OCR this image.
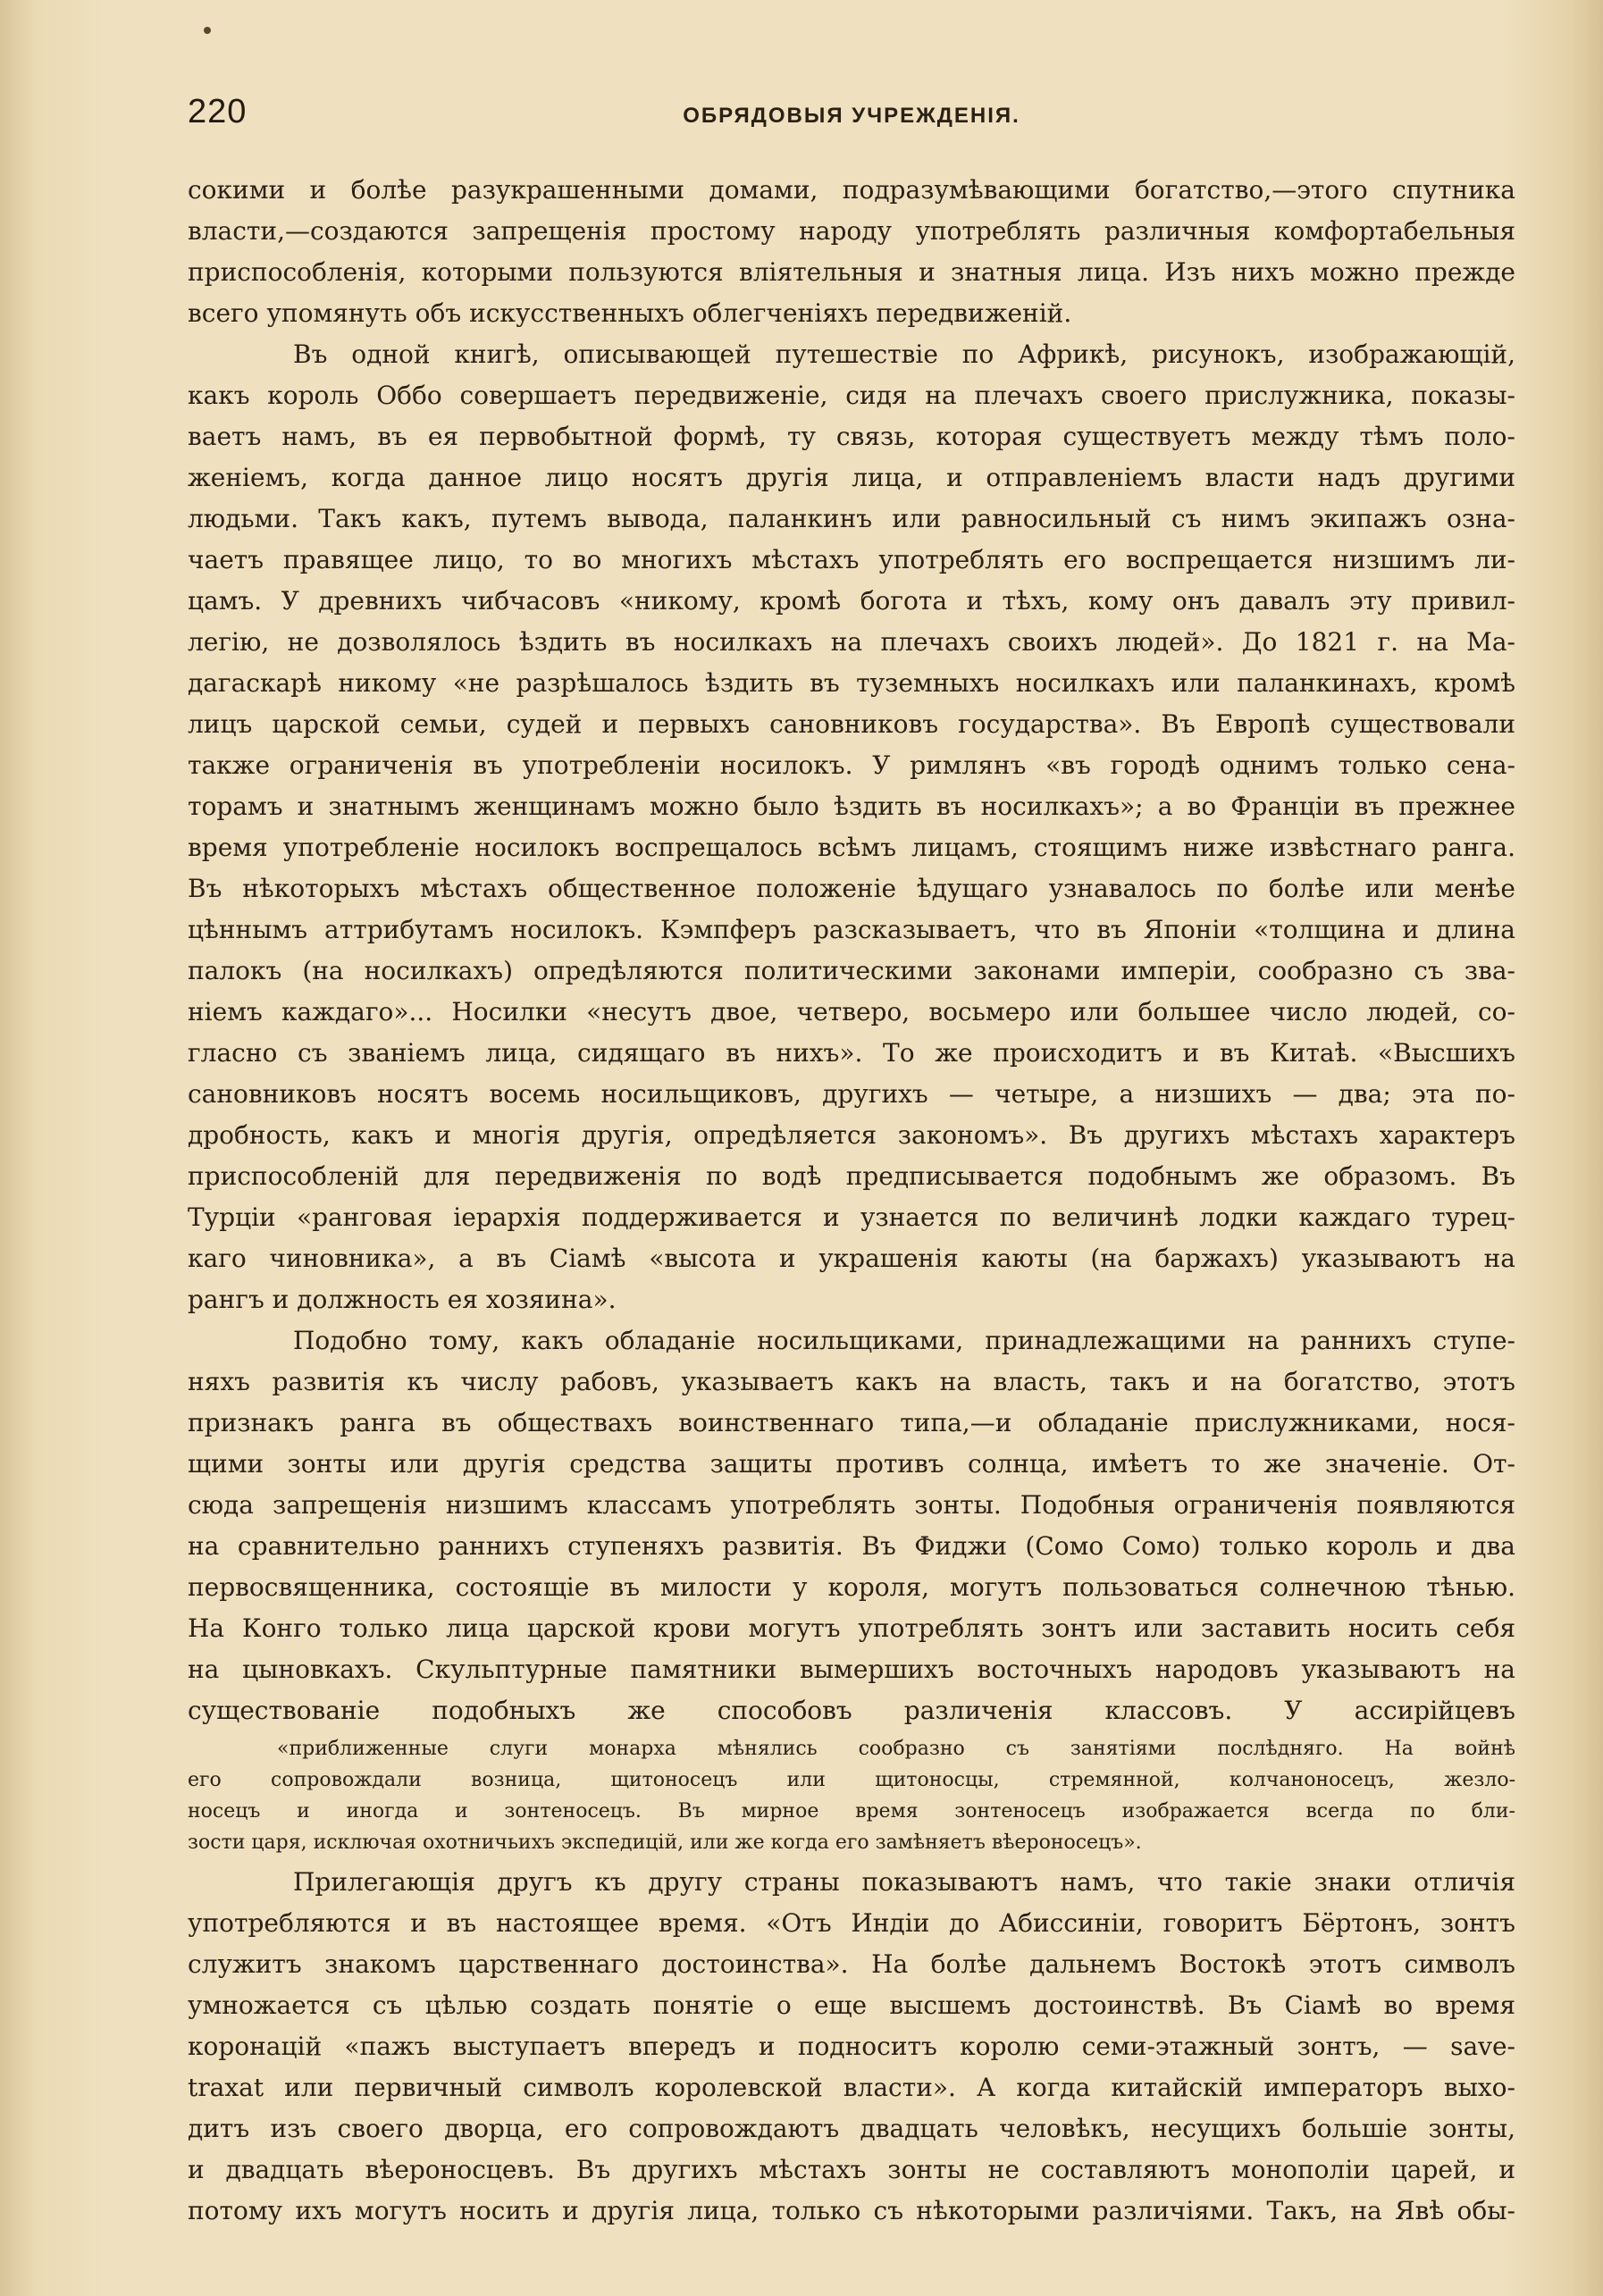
220	ОБРЯДОВЫЯ УЧРЕЖДЕНІЯ.
сокими и болѣе разукрашенными домами, подразумѣвающими богатство,—этого спутника
власти,—создаются запрещенія простому народу употреблять различныя комфортабельныя
приспособленія, которыми пользуются вліятельныя и знатныя лица. Изъ нихъ можно прежде
всего упомянуть объ искусственныхъ облегченіяхъ передвиженій.
Въ одной книгѣ, описывающей путешествіе по Африкѣ, рисунокъ, изображающій,
какъ король Оббо совершаетъ передвиженіе, сидя на плечахъ своего прислужника, показы-
ваетъ намъ, въ ея первобытной формѣ, ту связь, которая существуетъ между тѣмъ поло-
женіемъ, когда данное лицо носятъ другія лица, и отправленіемъ власти надъ другими
людьми. Такъ какъ, путемъ вывода, паланкинъ или равносильный съ нимъ экипажъ озна-
чаетъ правящее лицо, то во многихъ мѣстахъ употреблять его воспрещается низшимъ ли-
цамъ. У древнихъ чибчасовъ «никому, кромѣ богота и тѣхъ, кому онъ давалъ эту привил-
легію, не дозволялось ѣздить въ носилкахъ на плечахъ своихъ людей». До 1821 г. на Ма-
дагаскарѣ никому «не разрѣшалось ѣздить въ туземныхъ носилкахъ или паланкинахъ, кромѣ
лицъ царской семьи, судей и первыхъ сановниковъ государства». Въ Европѣ существовали
также ограниченія въ употребленіи носилокъ. У римлянъ «въ городѣ однимъ только сена-
торамъ и знатнымъ женщинамъ можно было ѣздить въ носилкахъ»; а во Франціи въ прежнее
время употребленіе носилокъ воспрещалось всѣмъ лицамъ, стоящимъ ниже извѣстнаго ранга.
Въ нѣкоторыхъ мѣстахъ общественное положеніе ѣдущаго узнавалось по болѣе или менѣе
цѣннымъ аттрибутамъ носилокъ. Кэмпферъ разсказываетъ, что въ Японіи «толщина и длина
палокъ (на носилкахъ) опредѣляются политическими законами имперіи, сообразно съ зва-
ніемъ каждаго»... Носилки «несутъ двое, четверо, восьмеро или большее число людей, со-
гласно съ званіемъ лица, сидящаго въ нихъ». То же происходитъ и въ Китаѣ. «Высшихъ
сановниковъ носятъ восемь носильщиковъ, другихъ — четыре, а низшихъ — два; эта по-
дробность, какъ и многія другія, опредѣляется закономъ». Въ другихъ мѣстахъ характеръ
приспособленій для передвиженія по водѣ предписывается подобнымъ же образомъ. Въ
Турціи «ранговая іерархія поддерживается и узнается по величинѣ лодки каждаго турец-
каго чиновника», а въ Сіамѣ «высота и украшенія каюты (на баржахъ) указываютъ на
рангъ и должность ея хозяина».
Подобно тому, какъ обладаніе носильщиками, принадлежащими на раннихъ ступе-
няхъ развитія къ числу рабовъ, указываетъ какъ на власть, такъ и на богатство, этотъ
признакъ ранга въ обществахъ воинственнаго типа,—и обладаніе прислужниками, нося-
щими зонты или другія средства защиты противъ солнца, имѣетъ то же значеніе. От-
сюда запрещенія низшимъ классамъ употреблять зонты. Подобныя ограниченія появляются
на сравнительно раннихъ ступеняхъ развитія. Въ Фиджи (Сомо Сомо) только король и два
первосвященника, состоящіе въ милости у короля, могутъ пользоваться солнечною тѣнью.
На Конго только лица царской крови могутъ употреблять зонтъ или заставить носить себя
на цыновкахъ. Скульптурные памятники вымершихъ восточныхъ народовъ указываютъ на
существованіе подобныхъ же способовъ различенія классовъ. У ассирійцевъ
«приближенные слуги монарха мѣнялись сообразно съ занятіями послѣдняго. На войнѣ
его сопровождали возница, щитоносецъ или щитоносцы, стремянной, колчаноносецъ, жезло-
носецъ и иногда и зонтеносецъ. Въ мирное время зонтеносецъ изображается всегда по бли-
зости царя, исключая охотничьихъ экспедицій, или же когда его замѣняетъ вѣероносецъ».
Прилегающія другъ къ другу страны показываютъ намъ, что такіе знаки отличія
употребляются и въ настоящее время. «Отъ Индіи до Абиссиніи, говоритъ Бёртонъ, зонтъ
служитъ знакомъ царственнаго достоинства». На болѣе дальнемъ Востокѣ этотъ символъ
умножается съ цѣлью создать понятіе о еще высшемъ достоинствѣ. Въ Сіамѣ во время
коронацій «пажъ выступаетъ впередъ и подноситъ королю семи-этажный зонтъ, — save-
traxat или первичный символъ королевской власти». А когда китайскій императоръ выхо-
дитъ изъ своего дворца, его сопровождаютъ двадцать человѣкъ, несущихъ большіе зонты,
и двадцать вѣероносцевъ. Въ другихъ мѣстахъ зонты не составляютъ монополіи царей, и
потому ихъ могутъ носить и другія лица, только съ нѣкоторыми различіями. Такъ, на Явѣ обы-
